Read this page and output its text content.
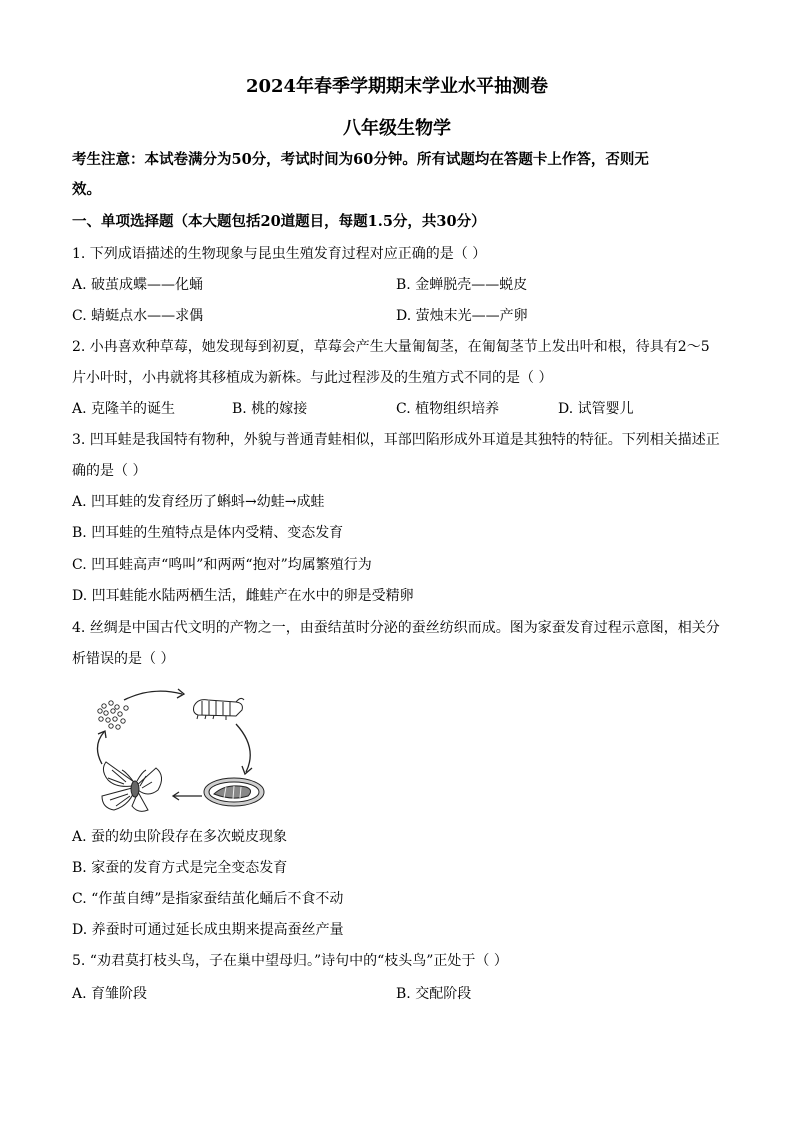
2024年春季学期期末学业水平抽测卷
八年级生物学
考生注意：本试卷满分为50分，考试时间为60分钟。所有试题均在答题卡上作答，否则无
效。
一、单项选择题（本大题包括20道题目，每题1.5分，共30分）
1. 下列成语描述的生物现象与昆虫生殖发育过程对应正确的是（ ）
A. 破茧成蝶——化蛹	B. 金蝉脱壳——蜕皮
C. 蜻蜓点水——求偶	D. 萤烛末光——产卵
2. 小冉喜欢种草莓，她发现每到初夏，草莓会产生大量匍匐茎，在匍匐茎节上发出叶和根，待具有2～5
片小叶时，小冉就将其移植成为新株。与此过程涉及的生殖方式不同的是（ ）
A. 克隆羊的诞生	B. 桃的嫁接	C. 植物组织培养	D. 试管婴儿
3. 凹耳蛙是我国特有物种，外貌与普通青蛙相似，耳部凹陷形成外耳道是其独特的特征。下列相关描述正
确的是（ ）
A. 凹耳蛙的发育经历了蝌蚪→幼蛙→成蛙
B. 凹耳蛙的生殖特点是体内受精、变态发育
C. 凹耳蛙高声“鸣叫”和两两“抱对”均属繁殖行为
D. 凹耳蛙能水陆两栖生活，雌蛙产在水中的卵是受精卵
4. 丝绸是中国古代文明的产物之一，由蚕结茧时分泌的蚕丝纺织而成。图为家蚕发育过程示意图，相关分
析错误的是（ ）
A. 蚕的幼虫阶段存在多次蜕皮现象
B. 家蚕的发育方式是完全变态发育
C. “作茧自缚”是指家蚕结茧化蛹后不食不动
D. 养蚕时可通过延长成虫期来提高蚕丝产量
5. “劝君莫打枝头鸟，子在巢中望母归。”诗句中的“枝头鸟”正处于（ ）
A. 育雏阶段	B. 交配阶段
